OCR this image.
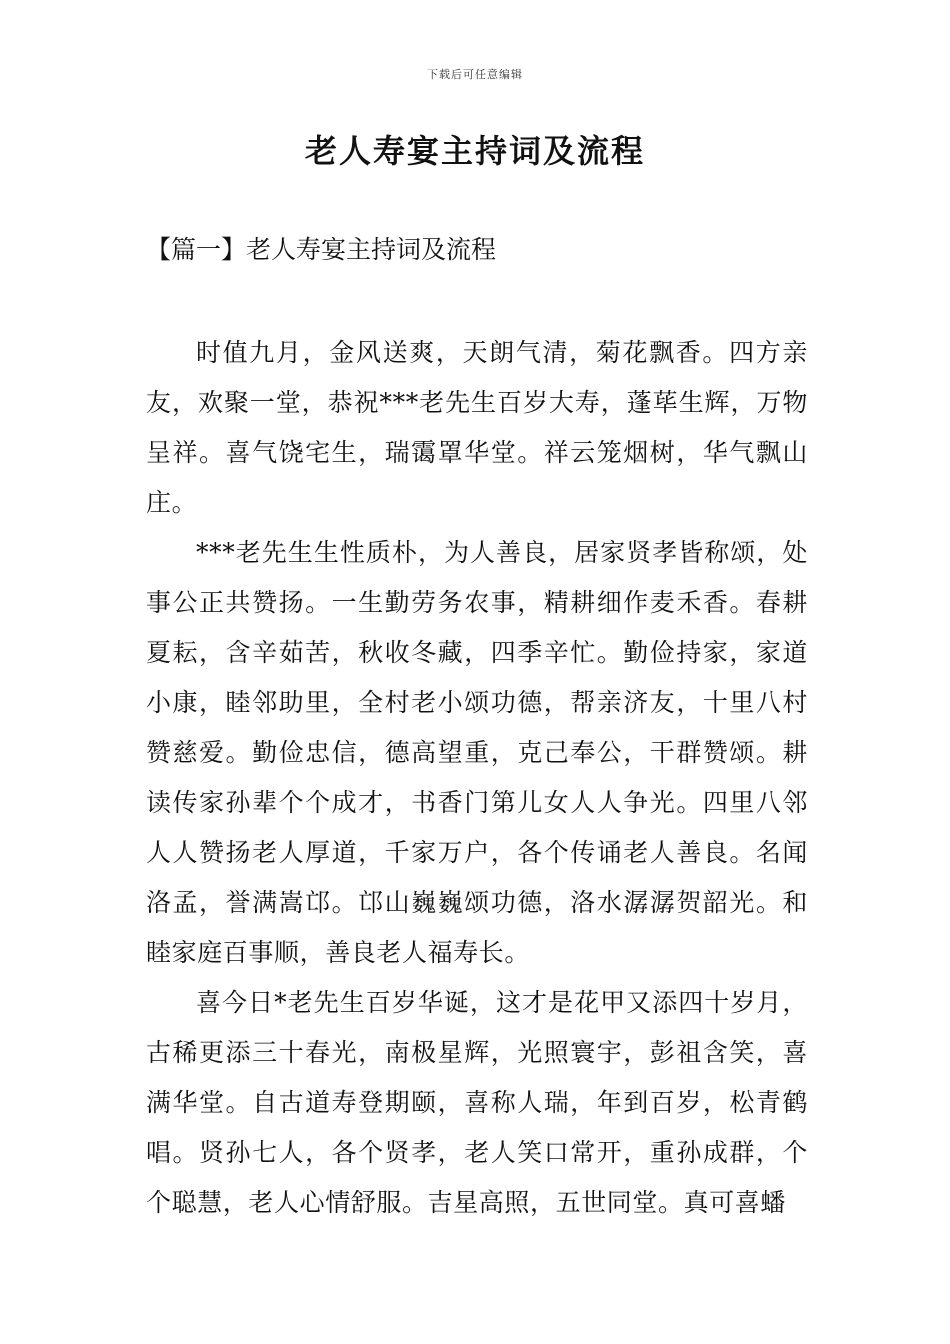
下载后可任意编辑
老人寿宴主持词及流程
【篇一】老人寿宴主持词及流程

时值九月，金风送爽，天朗气清，菊花飘香。四方亲友，欢聚一堂，恭祝***老先生百岁大寿，蓬荜生辉，万物呈祥。喜气饶宅生，瑞霭罩华堂。祥云笼烟树，华气飘山庄。

***老先生生性质朴，为人善良，居家贤孝皆称颂，处事公正共赞扬。一生勤劳务农事，精耕细作麦禾香。春耕夏耘，含辛茹苦，秋收冬藏，四季辛忙。勤俭持家，家道小康，睦邻助里，全村老小颂功德，帮亲济友，十里八村赞慈爱。勤俭忠信，德高望重，克己奉公，干群赞颂。耕读传家孙辈个个成才，书香门第儿女人人争光。四里八邻人人赞扬老人厚道，千家万户，各个传诵老人善良。名闻洛孟，誉满嵩邙。邙山巍巍颂功德，洛水潺潺贺韶光。和睦家庭百事顺，善良老人福寿长。

喜今日*老先生百岁华诞，这才是花甲又添四十岁月，古稀更添三十春光，南极星辉，光照寰宇，彭祖含笑，喜满华堂。自古道寿登期颐，喜称人瑞，年到百岁，松青鹤唱。贤孙七人，各个贤孝，老人笑口常开，重孙成群，个个聪慧，老人心情舒服。吉星高照，五世同堂。真可喜蟠
